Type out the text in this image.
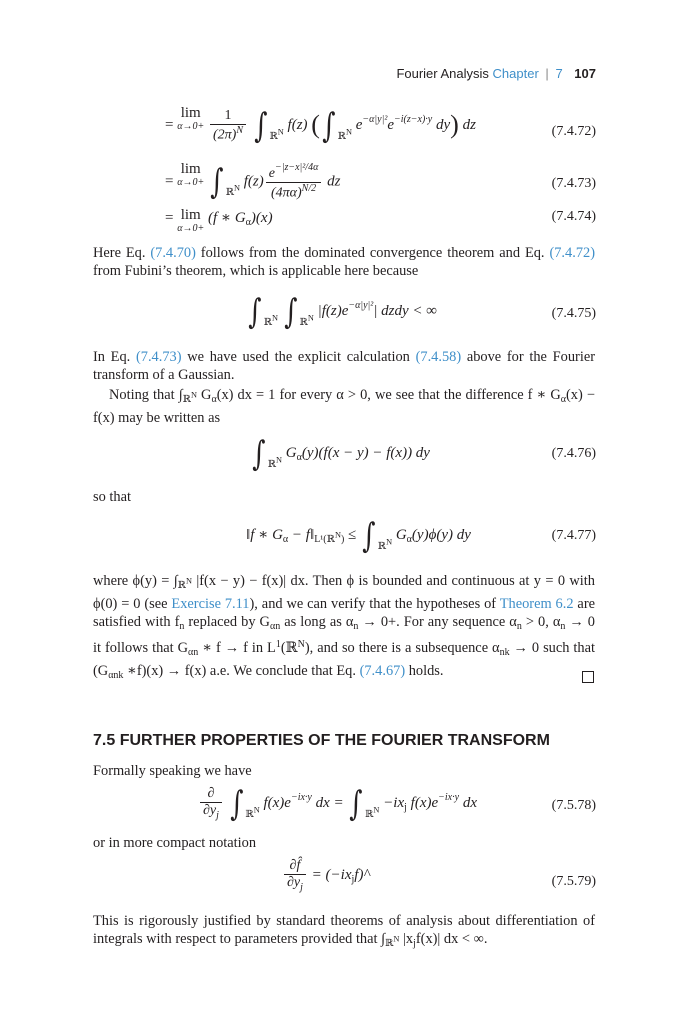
Fourier Analysis Chapter | 7 107
= lim
α→0+
$\frac{1}{(2\pi)^N}$ ∫ $_{ℝ^N}$ f(z) (∫ $_{ℝ^N}$ $e^{-\alpha|y|^2}e^{-i(z-x)\cdot y}$ dy) dz	(7.4.72)
= lim
α→0+ ∫ $_{ℝ^N}$ $f(z) \frac{e^{-|z-x|^2/4\alpha}}{(4\pi\alpha)^{N/2}}$ dz	(7.4.73)
= lim
α→0+
(f ∗ $G_\alpha)(x)$	(7.4.74)
Here Eq. (7.4.70) follows from the dominated convergence theorem and Eq. (7.4.72) from Fubini’s theorem, which is applicable here because
∫ $_{ℝ^N}$ ∫ $_{ℝ^N}$ $|f(z)e^{-\alpha|y|^2}|$ dzdy < ∞	(7.4.75)
In Eq. (7.4.73) we have used the explicit calculation (7.4.58) above for the Fourier transform of a Gaussian.
Noting that $\int_{ℝ^N}$ $G_\alpha(x)$ dx = 1 for every α > 0, we see that the difference f ∗ $G_\alpha(x) - f(x)$ may be written as
∫ $_{ℝ^N}$ $G_\alpha(y)(f(x - y) - f(x))$ dy	(7.4.76)
so that
‖f ∗ $G_\alpha$ − $f‖_{L^1(ℝ^N)}$ ≤ ∫ $_{ℝ^N}$ $G_\alpha(y)\phi(y)$ dy	(7.4.77)
where $\phi(y) = \int_{ℝ^N}$ |f(x − y) − f(x)| dx. Then ϕ is bounded and continuous at y = 0 with ϕ(0) = 0 (see Exercise 7.11), and we can verify that the hypotheses of Theorem 6.2 are satisfied with $f_n$ replaced by $G_{\alpha n}$ as long as $\alpha_n \to 0+$. For any sequence $\alpha_n > 0$, $\alpha_n \to 0$ it follows that $G_{\alpha n}$ ∗ f → f in $L^1(ℝ^N)$, and so there is a subsequence $\alpha_{nk} \to 0$ such that ($G_{\alpha nk}$ ∗f)(x) → f(x) a.e. We conclude that Eq. (7.4.67) holds.
7.5 FURTHER PROPERTIES OF THE FOURIER TRANSFORM
Formally speaking we have
$\frac{\partial}{\partial y_j}$ ∫ $_{ℝ^N}$ $f(x)e^{-ix\cdot y}$ dx = ∫ $_{ℝ^N} -ix_j$ $f(x)e^{-ix\cdot y}$ dx	(7.5.78)
or in more compact notation
$\frac{\partial f̂}{\partial y_j}$ = $(-ix_jf)\^{}$	(7.5.79)
This is rigorously justified by standard theorems of analysis about differentiation of integrals with respect to parameters provided that $\int_{ℝ^N}$ $|x_jf(x)|$ dx < ∞.
